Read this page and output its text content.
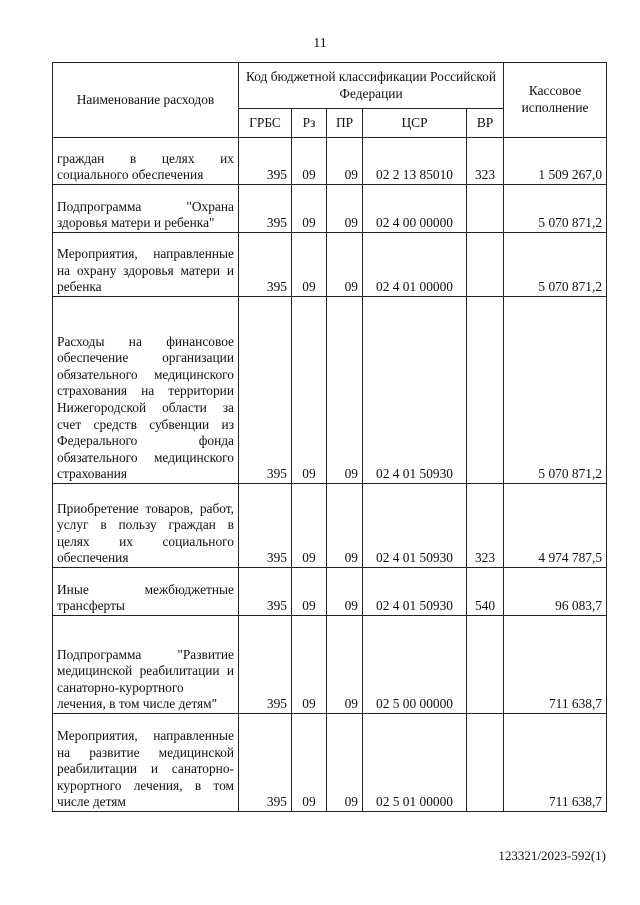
11
Наименование расходов	Код бюджетной классификации Российской Федерации					Кассовое исполнение
	ГРБС	Рз	ПР	ЦСР	ВР	
граждан в целях их социального обеспечения	395	09	09	02 2 13 85010	323	1 509 267,0
Подпрограмма "Охрана здоровья матери и ребенка"	395	09	09	02 4 00 00000		5 070 871,2
Мероприятия, направленные на охрану здоровья матери и ребенка	395	09	09	02 4 01 00000		5 070 871,2
Расходы на финансовое обеспечение организации обязательного медицинского страхования на территории Нижегородской области за счет средств субвенции из Федерального фонда обязательного медицинского страхования	395	09	09	02 4 01 50930		5 070 871,2
Приобретение товаров, работ, услуг в пользу граждан в целях их социального обеспечения	395	09	09	02 4 01 50930	323	4 974 787,5
Иные межбюджетные трансферты	395	09	09	02 4 01 50930	540	96 083,7
Подпрограмма "Развитие медицинской реабилитации и санаторно-курортного лечения, в том числе детям"	395	09	09	02 5 00 00000		711 638,7
Мероприятия, направленные на развитие медицинской реабилитации и санаторно-курортного лечения, в том числе детям	395	09	09	02 5 01 00000		711 638,7
123321/2023-592(1)
